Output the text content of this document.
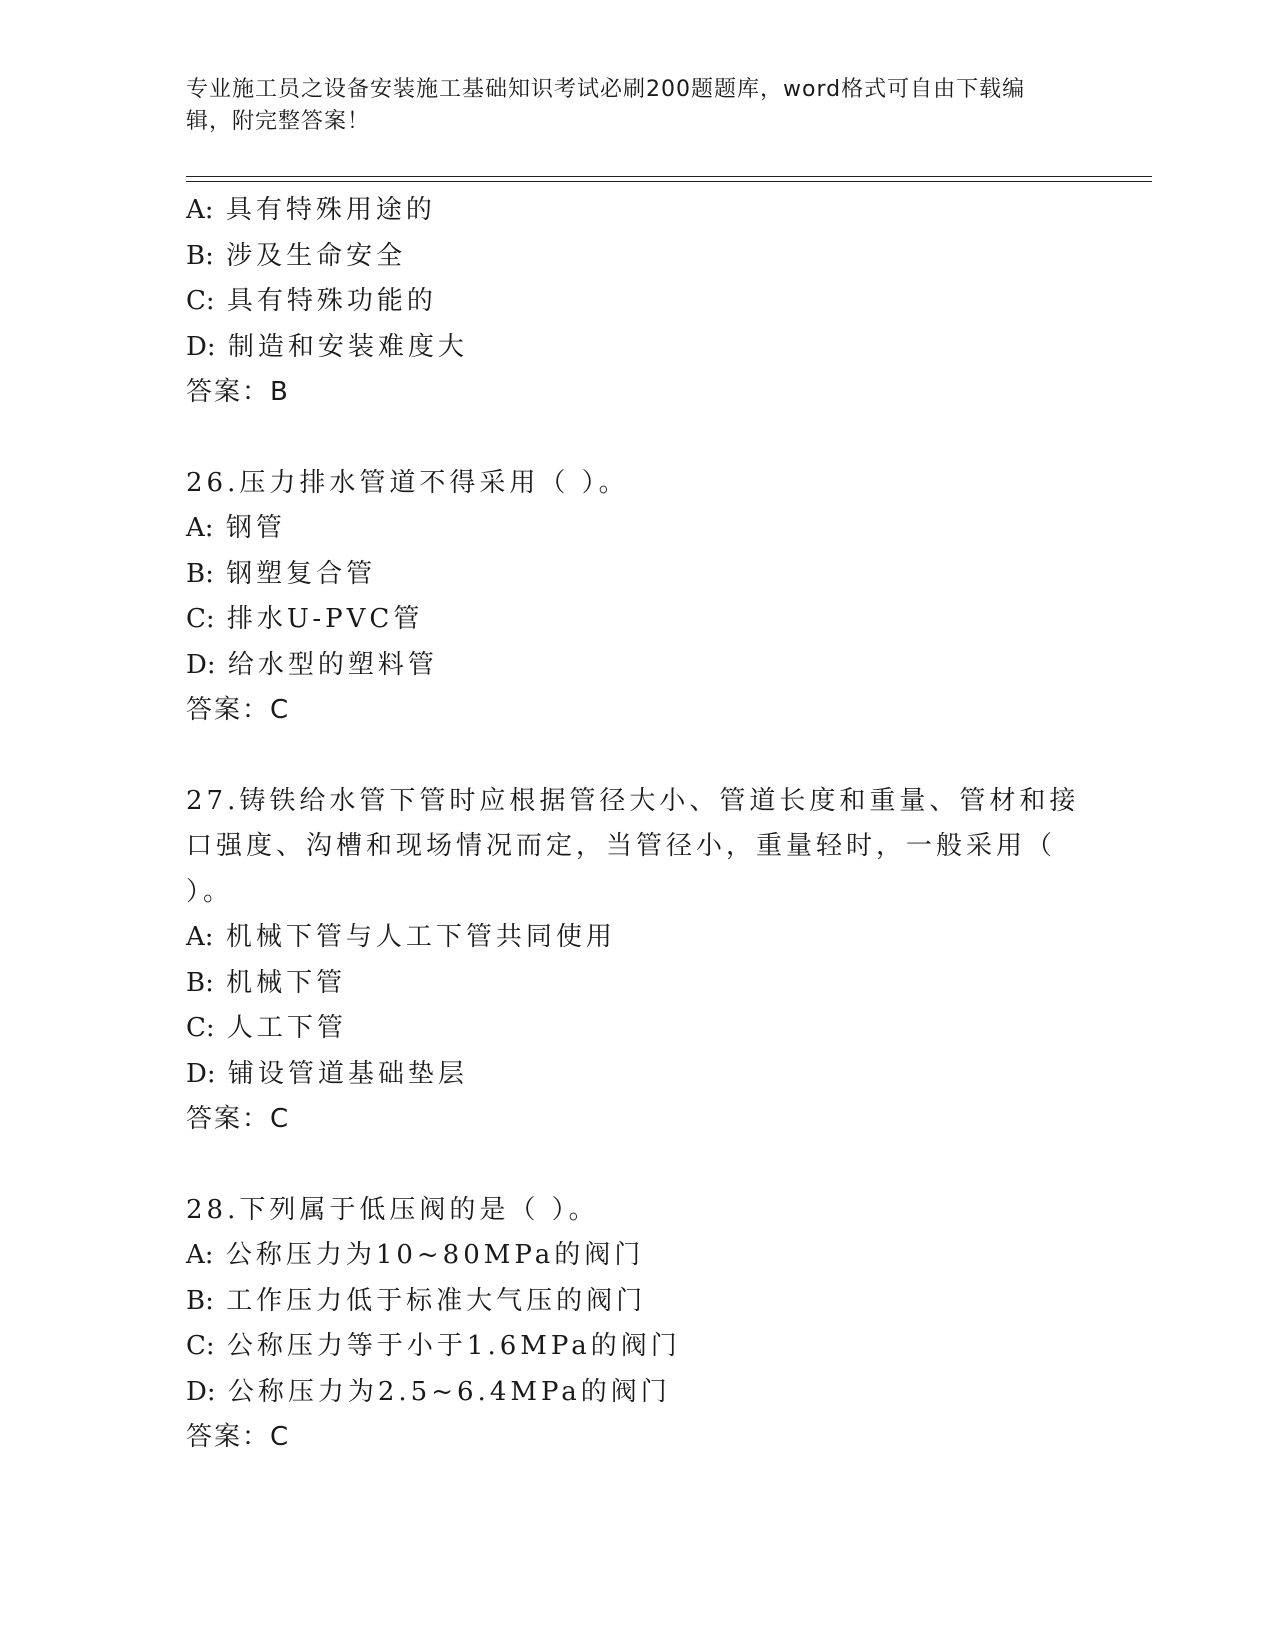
专业施工员之设备安装施工基础知识考试必刷200题题库，word格式可自由下载编辑，附完整答案！
A: 具有特殊用途的
B: 涉及生命安全
C: 具有特殊功能的
D: 制造和安装难度大
答案：B
26.压力排水管道不得采用（ ）。
A: 钢管
B: 钢塑复合管
C: 排水U-PVC管
D: 给水型的塑料管
答案：C
27.铸铁给水管下管时应根据管径大小、管道长度和重量、管材和接口强度、沟槽和现场情况而定，当管径小，重量轻时，一般采用（ ）。
A: 机械下管与人工下管共同使用
B: 机械下管
C: 人工下管
D: 铺设管道基础垫层
答案：C
28.下列属于低压阀的是（ ）。
A: 公称压力为10~80MPa的阀门
B: 工作压力低于标准大气压的阀门
C: 公称压力等于小于1.6MPa的阀门
D: 公称压力为2.5~6.4MPa的阀门
答案：C
